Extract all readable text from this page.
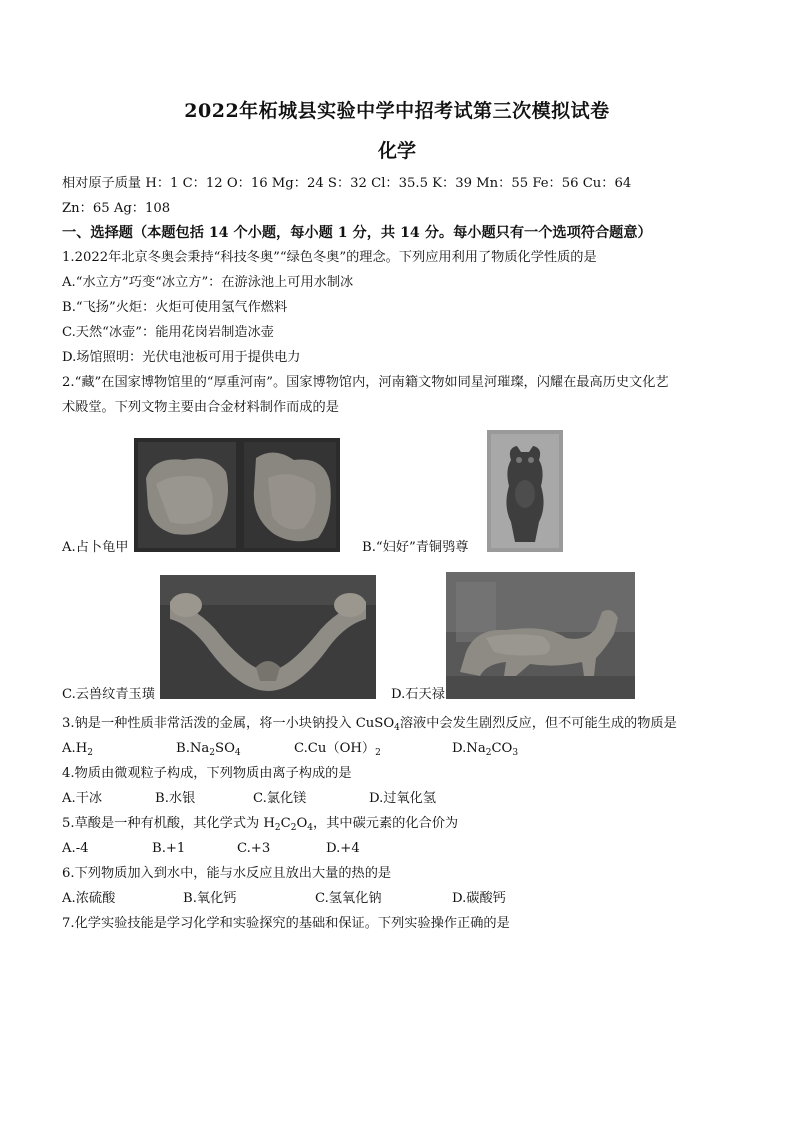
2022年柘城县实验中学中招考试第三次模拟试卷
化学
相对原子质量 H：1 C：12 O：16 Mg：24 S：32 Cl：35.5 K：39 Mn：55 Fe：56 Cu：64
Zn：65 Ag：108
一、选择题（本题包括 14 个小题，每小题 1 分，共 14 分。每小题只有一个选项符合题意）
1.2022年北京冬奥会秉持“科技冬奥”“绿色冬奥”的理念。下列应用利用了物质化学性质的是
A.“水立方”巧变“冰立方”：在游泳池上可用水制冰
B.“飞扬”火炬：火炬可使用氢气作燃料
C.天然“冰壶”：能用花岗岩制造冰壶
D.场馆照明：光伏电池板可用于提供电力
2.“藏”在国家博物馆里的“厚重河南”。国家博物馆内，河南籍文物如同星河璀璨，闪耀在最高历史文化艺
术殿堂。下列文物主要由合金材料制作而成的是
A.占卜龟甲	B.“妇好”青铜鸮尊
C.云兽纹青玉璜	D.石天禄
3.钠是一种性质非常活泼的金属，将一小块钠投入 CuSO$_4$溶液中会发生剧烈反应，但不可能生成的物质是
$A.H_2$	$B.Na_2SO_4$	$C.Cu(OH)_2$	$D.Na_2CO_3$
4.物质由微观粒子构成，下列物质由离子构成的是
A.干冰	B.水银	C.氯化镁	D.过氧化氢
5.草酸是一种有机酸，其化学式为 $H_2C_2O_4$，其中碳元素的化合价为
A.-4	B.+1	C.+3	D.+4
6.下列物质加入到水中，能与水反应且放出大量的热的是
A.浓硫酸	B.氧化钙	C.氢氧化钠	D.碳酸钙
7.化学实验技能是学习化学和实验探究的基础和保证。下列实验操作正确的是
